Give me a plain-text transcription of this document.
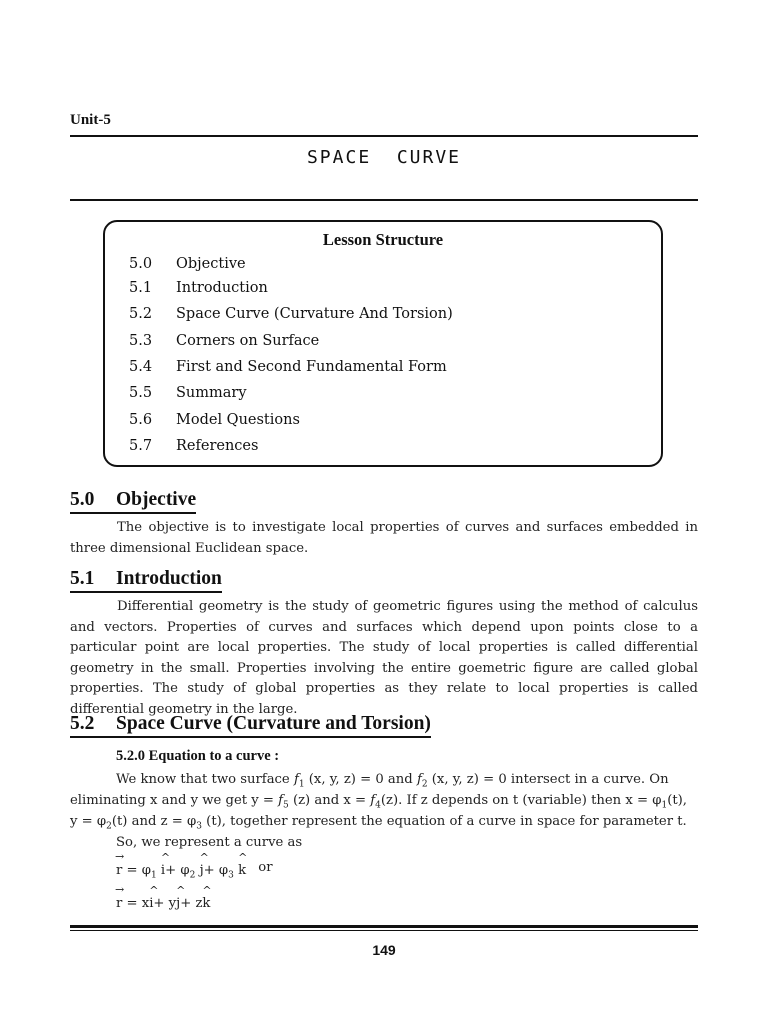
Unit-5
SPACE  CURVE
Lesson Structure
5.0 Objective
5.1 Introduction
5.2 Space Curve (Curvature And Torsion)
5.3 Corners on Surface
5.4 First and Second Fundamental Form
5.5 Summary
5.6 Model Questions
5.7 References
5.0 Objective
The objective is to investigate local properties of curves and surfaces embedded in three dimensional Euclidean space.
5.1 Introduction
Differential geometry is the study of geometric figures using the method of calculus and vectors. Properties of curves and surfaces which depend upon points close to a particular point are local properties. The study of local properties is called differential geometry in the small. Properties involving the entire goemetric figure are called global properties. The study of global properties as they relate to local properties is called differential geometry in the large.
5.2 Space Curve (Curvature and Torsion)
5.2.0 Equation to a curve :
We know that two surface $f_1$ (x, y, z) = 0 and $f_2$ (x, y, z) = 0 intersect in a curve. On
eliminating x and y we get $y = f_5$ (z) and $x = f_4(z)$. If z depends on t (variable) then $x = \varphi_1(t)$,
$y = \varphi_2(t)$ and $z = \varphi_3$ (t), together represent the equation of a curve in space for parameter t.
So, we represent a curve as
→ $r = \varphi_1$ ^ $i+ \varphi_2$ ^ $j+ \varphi_3$ ^ k or
→ r = x^ i+ y^ j+ z^ k
149
